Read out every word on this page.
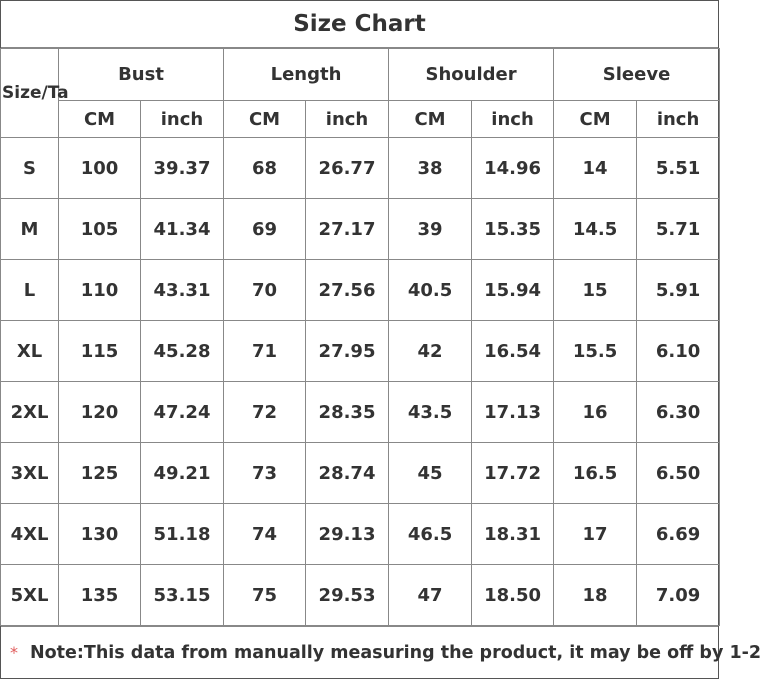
Size Chart
Size/Ta	Bust		Length		Shoulder		Sleeve	
	CM	inch	CM	inch	CM	inch	CM	inch
S	100	39.37	68	26.77	38	14.96	14	5.51
M	105	41.34	69	27.17	39	15.35	14.5	5.71
L	110	43.31	70	27.56	40.5	15.94	15	5.91
XL	115	45.28	71	27.95	42	16.54	15.5	6.10
2XL	120	47.24	72	28.35	43.5	17.13	16	6.30
3XL	125	49.21	73	28.74	45	17.72	16.5	6.50
4XL	130	51.18	74	29.13	46.5	18.31	17	6.69
5XL	135	53.15	75	29.53	47	18.50	18	7.09
* Note:This data from manually measuring the product, it may be off by 1-2
